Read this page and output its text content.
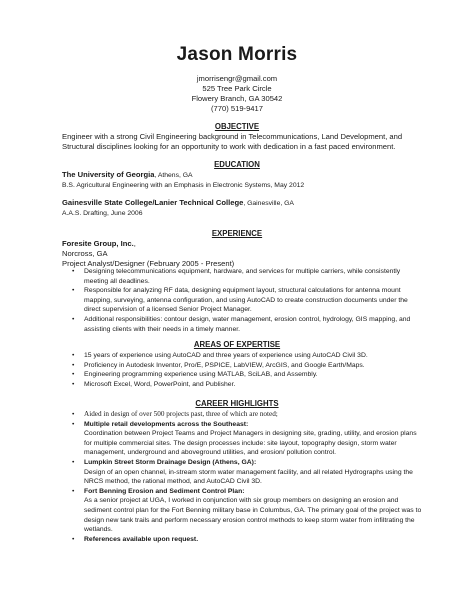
Jason Morris
jmorrisengr@gmail.com
525 Tree Park Circle
Flowery Branch, GA 30542
(770) 519-9417
OBJECTIVE
Engineer with a strong Civil Engineering background in Telecommunications, Land Development, and Structural disciplines looking for an opportunity to work with dedication in a fast paced environment.
EDUCATION
The University of Georgia, Athens, GA
B.S. Agricultural Engineering with an Emphasis in Electronic Systems, May 2012
Gainesville State College/Lanier Technical College, Gainesville, GA
A.A.S. Drafting, June 2006
EXPERIENCE
Foresite Group, Inc.,
Norcross, GA
Project Analyst/Designer (February 2005 - Present)
• Designing telecommunications equipment, hardware, and services for multiple carriers, while consistently meeting all deadlines.
• Responsible for analyzing RF data, designing equipment layout, structural calculations for antenna mount mapping, surveying, antenna configuration, and using AutoCAD to create construction documents under the direct supervision of a licensed Senior Project Manager.
• Additional responsibilities: contour design, water management, erosion control, hydrology, GIS mapping, and assisting clients with their needs in a timely manner.
AREAS OF EXPERTISE
• 15 years of experience using AutoCAD and three years of experience using AutoCAD Civil 3D.
• Proficiency in Autodesk Inventor, Pro/E, PSPICE, LabVIEW, ArcGIS, and Google Earth/Maps.
• Engineering programming experience using MATLAB, SciLAB, and Assembly.
• Microsoft Excel, Word, PowerPoint, and Publisher.
CAREER HIGHLIGHTS
• Aided in design of over 500 projects past, three of which are noted;
• Multiple retail developments across the Southeast:
Coordination between Project Teams and Project Managers in designing site, grading, utility, and erosion plans for multiple commercial sites. The design processes include: site layout, topography design, storm water management, underground and aboveground utilities, and erosion/ pollution control.
• Lumpkin Street Storm Drainage Design (Athens, GA):
Design of an open channel, in-stream storm water management facility, and all related Hydrographs using the NRCS method, the rational method, and AutoCAD Civil 3D.
• Fort Benning Erosion and Sediment Control Plan:
As a senior project at UGA, I worked in conjunction with six group members on designing an erosion and sediment control plan for the Fort Benning military base in Columbus, GA. The primary goal of the project was to design new tank trails and perform necessary erosion control methods to keep storm water from infiltrating the wetlands.
• References available upon request.
